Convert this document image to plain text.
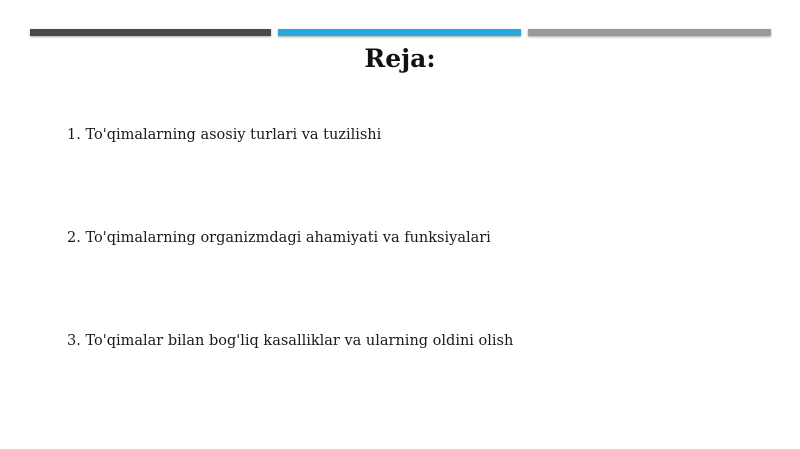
Reja:
1. To'qimalarning asosiy turlari va tuzilishi
2. To'qimalarning organizmdagi ahamiyati va funksiyalari
3. To'qimalar bilan bog'liq kasalliklar va ularning oldini olish
